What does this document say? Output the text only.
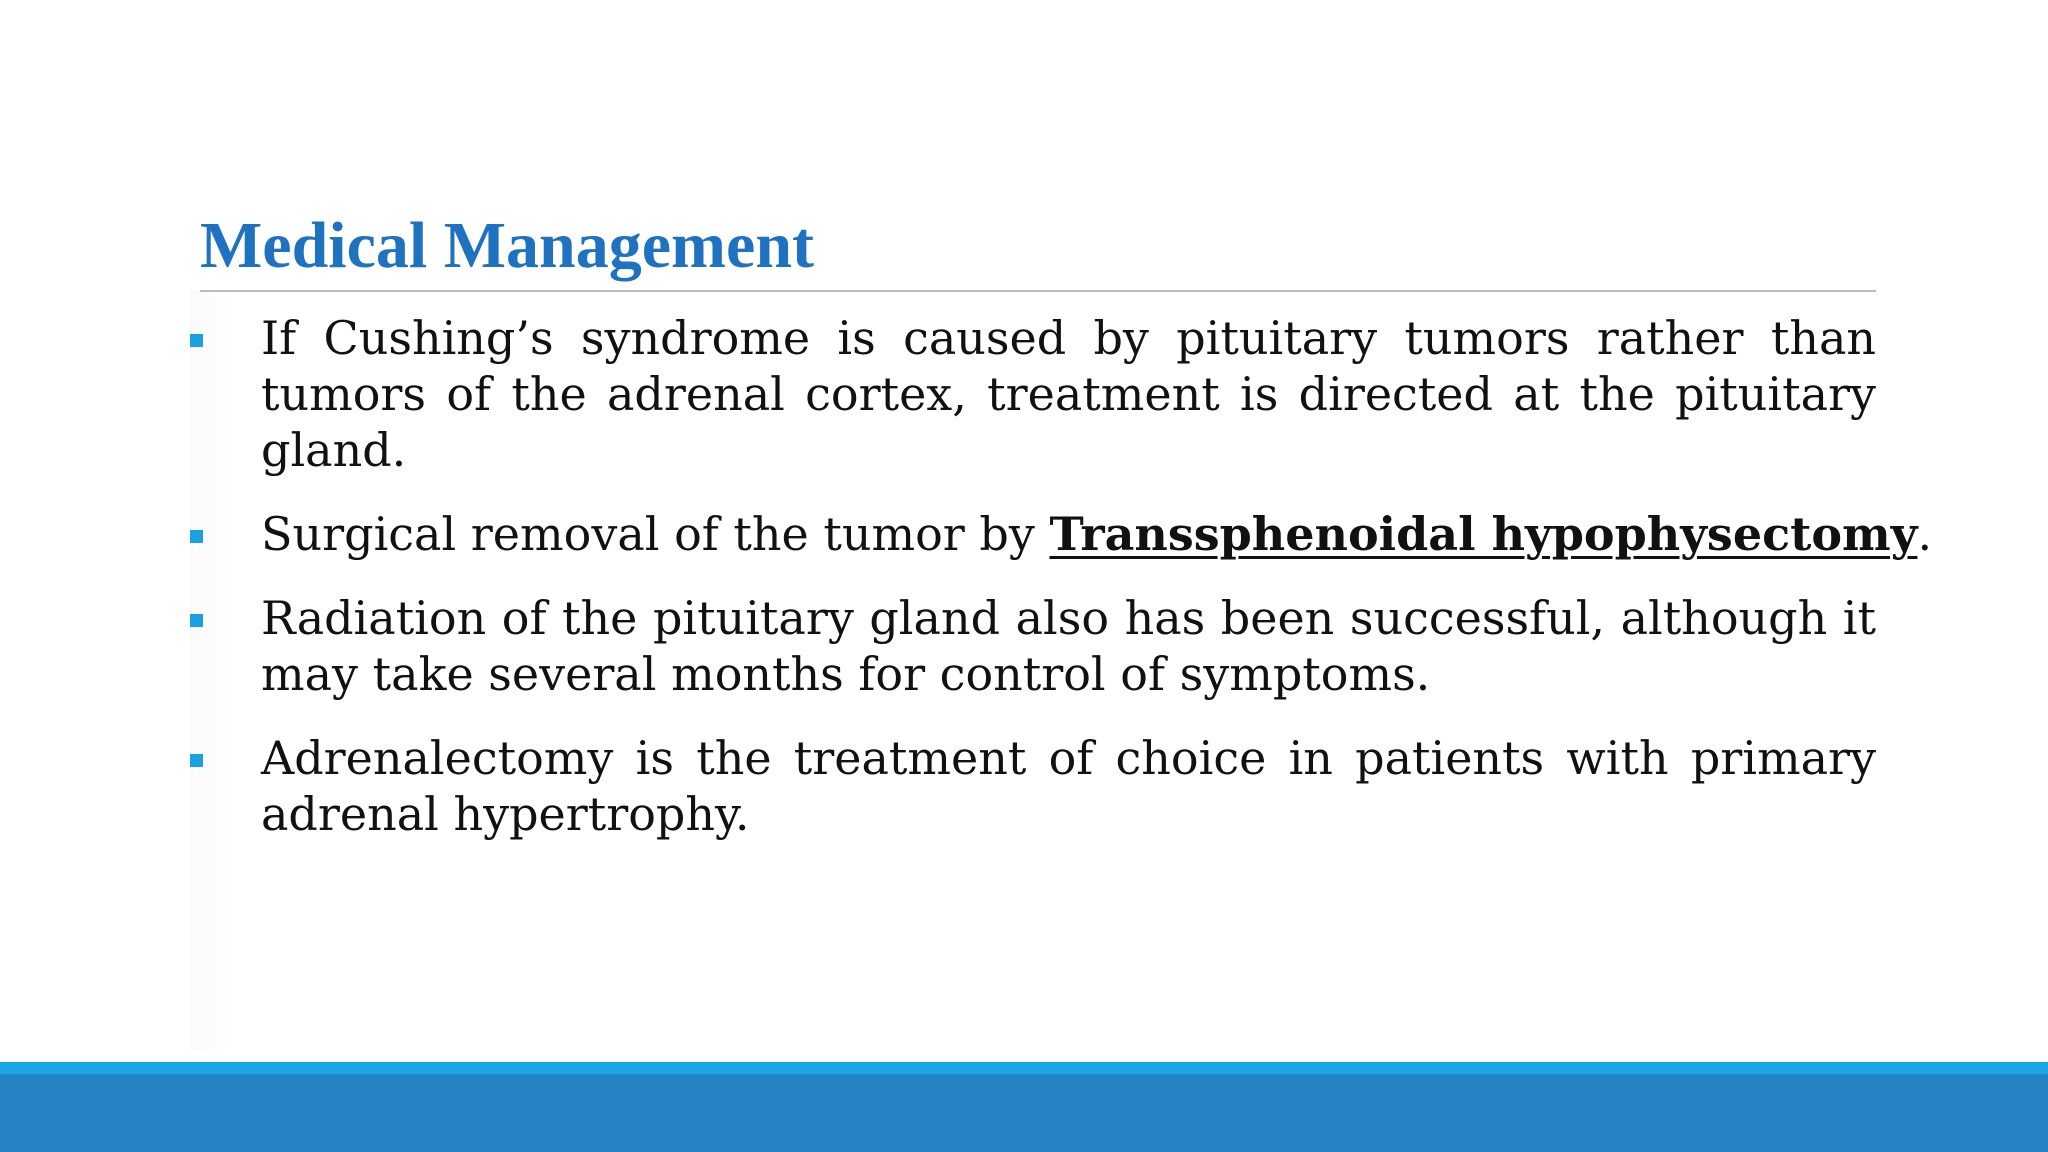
Medical Management
If Cushing’s syndrome is caused by pituitary tumors rather than tumors of the adrenal cortex, treatment is directed at the pituitary gland.
Surgical removal of the tumor by Transsphenoidal hypophysectomy.
Radiation of the pituitary gland also has been successful, although it may take several months for control of symptoms.
Adrenalectomy is the treatment of choice in patients with primary adrenal hypertrophy.
